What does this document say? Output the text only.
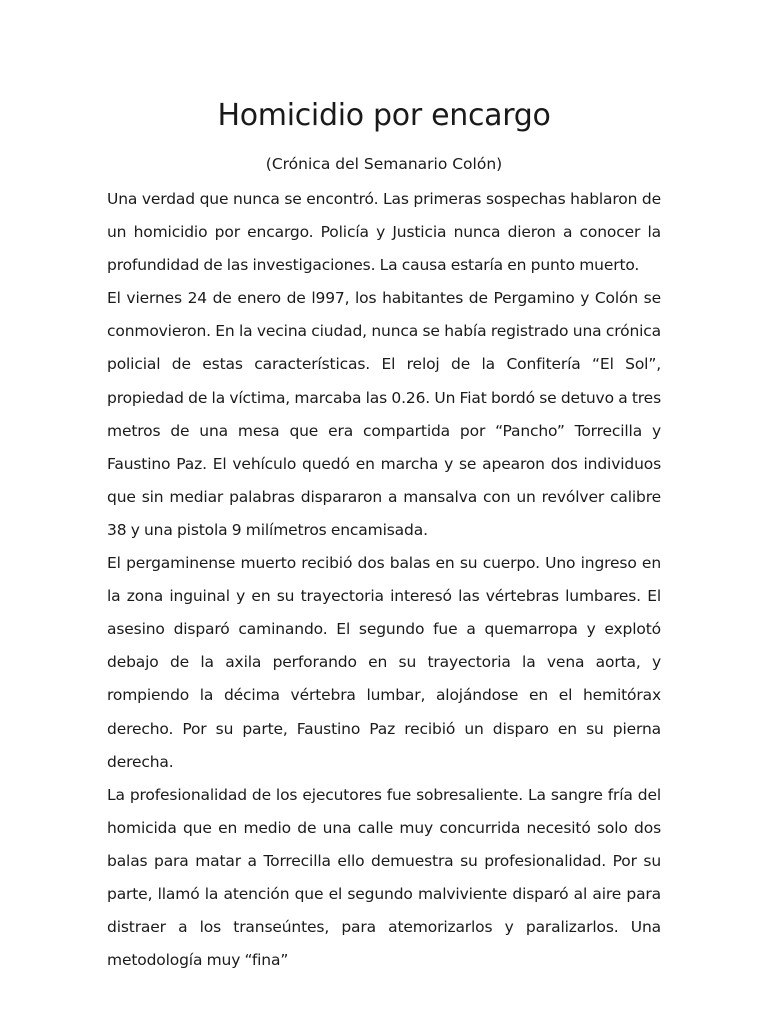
Homicidio por encargo
(Crónica del Semanario Colón)

Una verdad que nunca se encontró. Las primeras sospechas hablaron de un homicidio por encargo. Policía y Justicia nunca dieron a conocer la profundidad de las investigaciones. La causa estaría en punto muerto.

El viernes 24 de enero de l997, los habitantes de Pergamino y Colón se conmovieron. En la vecina ciudad, nunca se había registrado una crónica policial de estas características. El reloj de la Confitería “El Sol”, propiedad de la víctima, marcaba las 0.26. Un Fiat bordó se detuvo a tres metros de una mesa que era compartida por “Pancho” Torrecilla y Faustino Paz. El vehículo quedó en marcha y se apearon dos individuos que sin mediar palabras dispararon a mansalva con un revólver calibre 38 y una pistola 9 milímetros encamisada.

El pergaminense muerto recibió dos balas en su cuerpo. Uno ingreso en la zona inguinal y en su trayectoria interesó las vértebras lumbares. El asesino disparó caminando. El segundo fue a quemarropa y explotó debajo de la axila perforando en su trayectoria la vena aorta, y rompiendo la décima vértebra lumbar, alojándose en el hemitórax derecho. Por su parte, Faustino Paz recibió un disparo en su pierna derecha.

La profesionalidad de los ejecutores fue sobresaliente. La sangre fría del homicida que en medio de una calle muy concurrida necesitó solo dos balas para matar a Torrecilla ello demuestra su profesionalidad. Por su parte, llamó la atención que el segundo malviviente disparó al aire para distraer a los transeúntes, para atemorizarlos y paralizarlos. Una metodología muy “fina”
